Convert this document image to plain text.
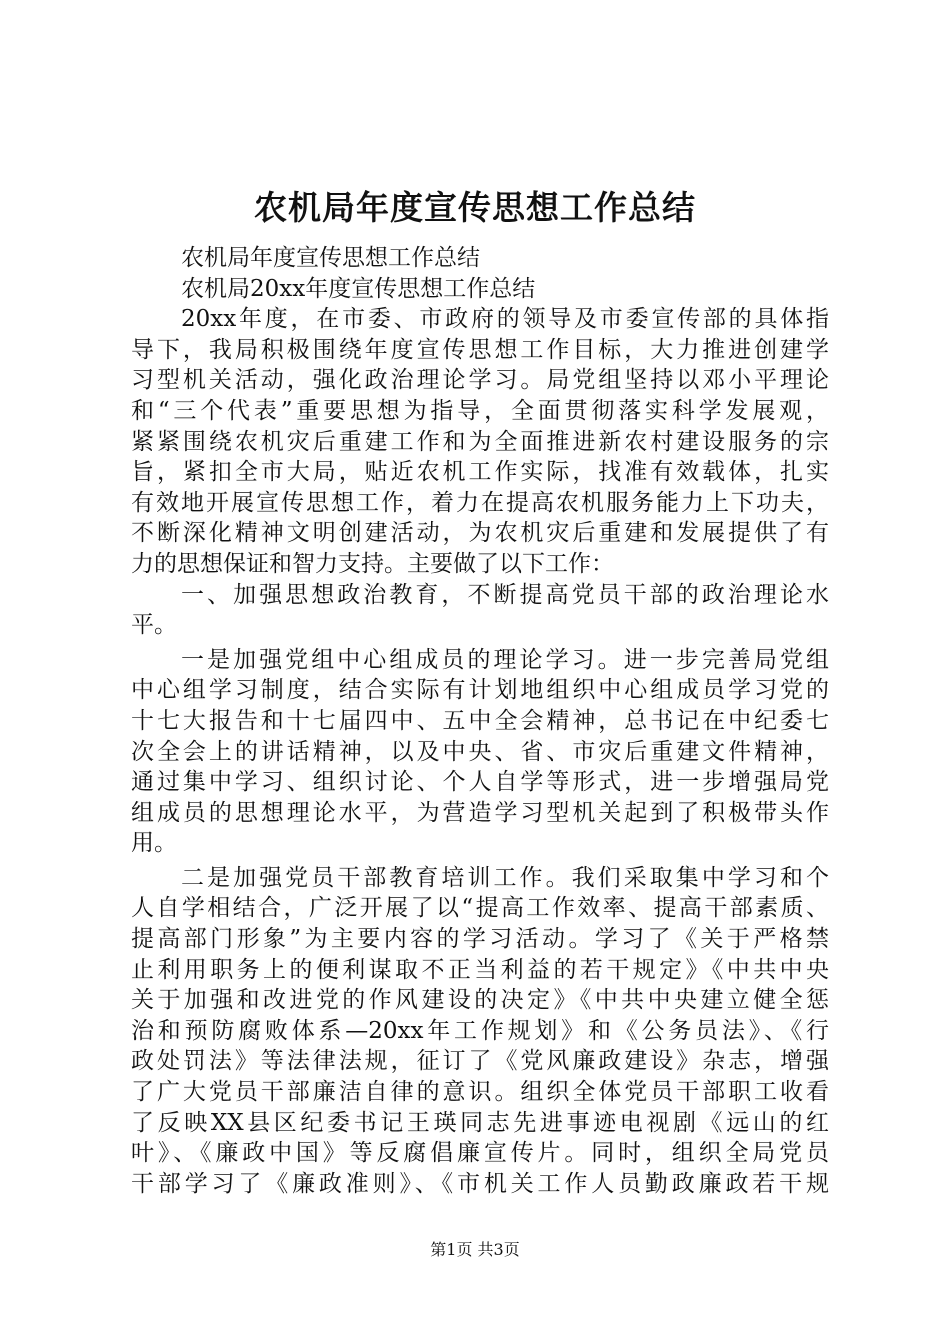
农机局年度宣传思想工作总结
农机局年度宣传思想工作总结
农机局20xx年度宣传思想工作总结
20xx年度，在市委、市政府的领导及市委宣传部的具体指
导下，我局积极围绕年度宣传思想工作目标，大力推进创建学
习型机关活动，强化政治理论学习。局党组坚持以邓小平理论
和“三个代表”重要思想为指导，全面贯彻落实科学发展观，
紧紧围绕农机灾后重建工作和为全面推进新农村建设服务的宗
旨，紧扣全市大局，贴近农机工作实际，找准有效载体，扎实
有效地开展宣传思想工作，着力在提高农机服务能力上下功夫，
不断深化精神文明创建活动，为农机灾后重建和发展提供了有
力的思想保证和智力支持。主要做了以下工作：
一、加强思想政治教育，不断提高党员干部的政治理论水
平。
一是加强党组中心组成员的理论学习。进一步完善局党组
中心组学习制度，结合实际有计划地组织中心组成员学习党的
十七大报告和十七届四中、五中全会精神，总书记在中纪委七
次全会上的讲话精神，以及中央、省、市灾后重建文件精神，
通过集中学习、组织讨论、个人自学等形式，进一步增强局党
组成员的思想理论水平，为营造学习型机关起到了积极带头作
用。
二是加强党员干部教育培训工作。我们采取集中学习和个
人自学相结合，广泛开展了以“提高工作效率、提高干部素质、
提高部门形象”为主要内容的学习活动。学习了《关于严格禁
止利用职务上的便利谋取不正当利益的若干规定》《中共中央
关于加强和改进党的作风建设的决定》《中共中央建立健全惩
治和预防腐败体系—20xx年工作规划》和《公务员法》、《行
政处罚法》等法律法规，征订了《党风廉政建设》杂志，增强
了广大党员干部廉洁自律的意识。组织全体党员干部职工收看
了反映XX县区纪委书记王瑛同志先进事迹电视剧《远山的红
叶》、《廉政中国》等反腐倡廉宣传片。同时，组织全局党员
干部学习了《廉政准则》、《市机关工作人员勤政廉政若干规
第1页 共3页
